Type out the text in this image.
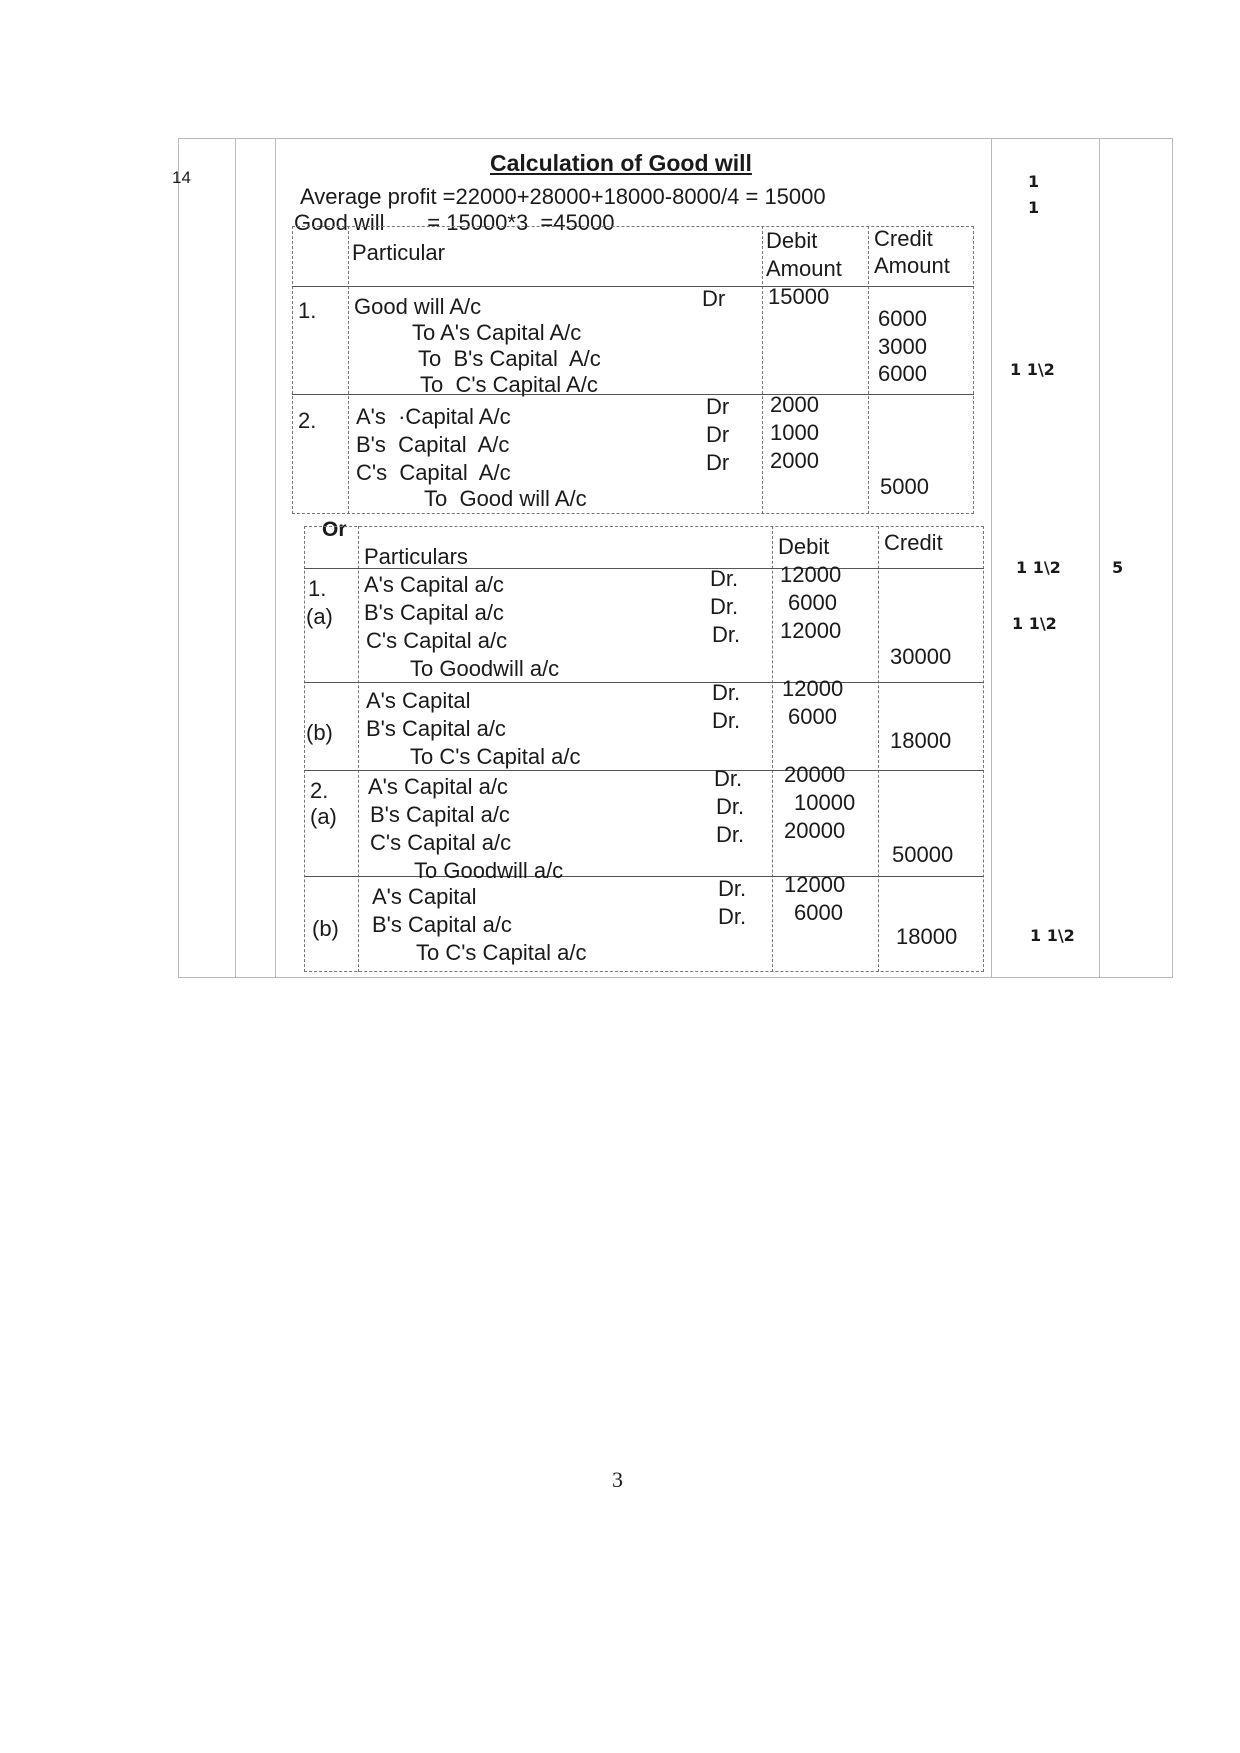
14
Calculation of Good will
Average profit =22000+28000+18000-8000/4 = 15000
Good will       = 15000*3  =45000
Particular	Debit
Amount
Credit
Amount
1. Good will A/c
To A's Capital A/c
To  B's Capital  A/c
To  C's Capital A/c
Dr 15000
6000
3000
6000
2. A's  ·Capital A/c
B's  Capital  A/c
C's  Capital  A/c
To  Good will A/c
Dr
Dr
Dr
2000
1000
2000
5000
Or
Particulars	Debit Credit
1.
(a)
A's Capital a/c
B's Capital a/c
C's Capital a/c
To Goodwill a/c
Dr.
Dr.
Dr.
12000
6000
12000
30000
(b)
A's Capital
B's Capital a/c
To C's Capital a/c
Dr.
Dr.
12000
6000
18000
2.
(a)
A's Capital a/c
B's Capital a/c
C's Capital a/c
To Goodwill a/c
Dr.
Dr.
Dr.
20000
10000
20000
50000
(b)
A's Capital
B's Capital a/c
To C's Capital a/c
Dr.
Dr.
12000
6000
18000
1
1
1 1\2
1 1\2
1 1\2
1 1\2
5
3
